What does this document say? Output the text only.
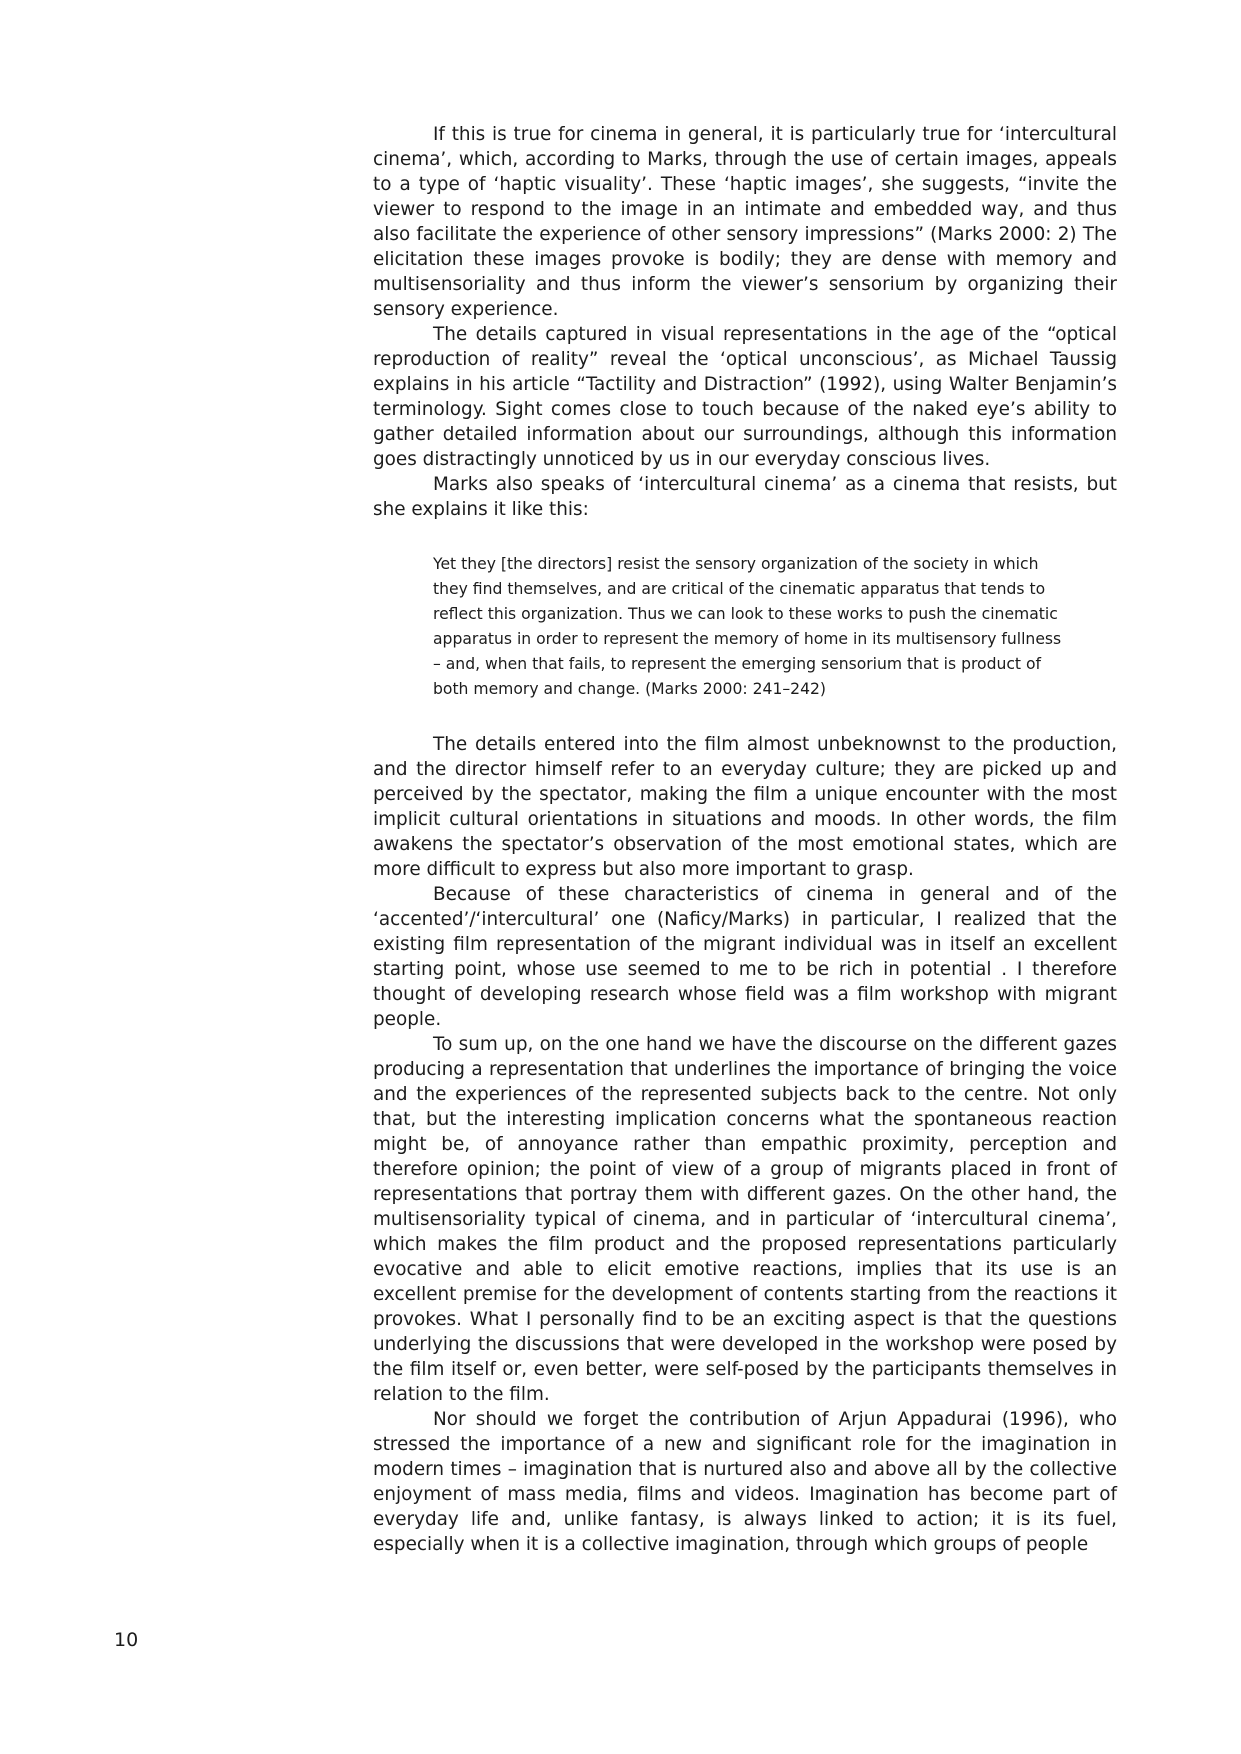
If this is true for cinema in general, it is particularly true for ‘intercultural cinema’, which, according to Marks, through the use of certain images, appeals to a type of ‘haptic visuality’. These ‘haptic images’, she suggests, “invite the viewer to respond to the image in an intimate and embedded way, and thus also facilitate the experience of other sensory impressions” (Marks 2000: 2) The elicitation these images provoke is bodily; they are dense with memory and multisensoriality and thus inform the viewer’s sensorium by organizing their sensory experience.

The details captured in visual representations in the age of the “optical reproduction of reality” reveal the ‘optical unconscious’, as Michael Taussig explains in his article “Tactility and Distraction” (1992), using Walter Benjamin’s terminology. Sight comes close to touch because of the naked eye’s ability to gather detailed information about our surroundings, although this information goes distractingly unnoticed by us in our everyday conscious lives.

Marks also speaks of ‘intercultural cinema’ as a cinema that resists, but she explains it like this:

Yet they [the directors] resist the sensory organization of the society in which they find themselves, and are critical of the cinematic apparatus that tends to reflect this organization. Thus we can look to these works to push the cinematic apparatus in order to represent the memory of home in its multisensory fullness – and, when that fails, to represent the emerging sensorium that is product of both memory and change. (Marks 2000: 241–242)

The details entered into the film almost unbeknownst to the production, and the director himself refer to an everyday culture; they are picked up and perceived by the spectator, making the film a unique encounter with the most implicit cultural orientations in situations and moods. In other words, the film awakens the spectator’s observation of the most emotional states, which are more difficult to express but also more important to grasp.

Because of these characteristics of cinema in general and of the ‘accented’/‘intercultural’ one (Naficy/Marks) in particular, I realized that the existing film representation of the migrant individual was in itself an excellent starting point, whose use seemed to me to be rich in potential . I therefore thought of developing research whose field was a film workshop with migrant people.

To sum up, on the one hand we have the discourse on the different gazes producing a representation that underlines the importance of bringing the voice and the experiences of the represented subjects back to the centre. Not only that, but the interesting implication concerns what the spontaneous reaction might be, of annoyance rather than empathic proximity, perception and therefore opinion; the point of view of a group of migrants placed in front of representations that portray them with different gazes. On the other hand, the multisensoriality typical of cinema, and in particular of ‘intercultural cinema’, which makes the film product and the proposed representations particularly evocative and able to elicit emotive reactions, implies that its use is an excellent premise for the development of contents starting from the reactions it provokes. What I personally find to be an exciting aspect is that the questions underlying the discussions that were developed in the workshop were posed by the film itself or, even better, were self-posed by the participants themselves in relation to the film.

Nor should we forget the contribution of Arjun Appadurai (1996), who stressed the importance of a new and significant role for the imagination in modern times – imagination that is nurtured also and above all by the collective enjoyment of mass media, films and videos. Imagination has become part of everyday life and, unlike fantasy, is always linked to action; it is its fuel, especially when it is a collective imagination, through which groups of people

10
